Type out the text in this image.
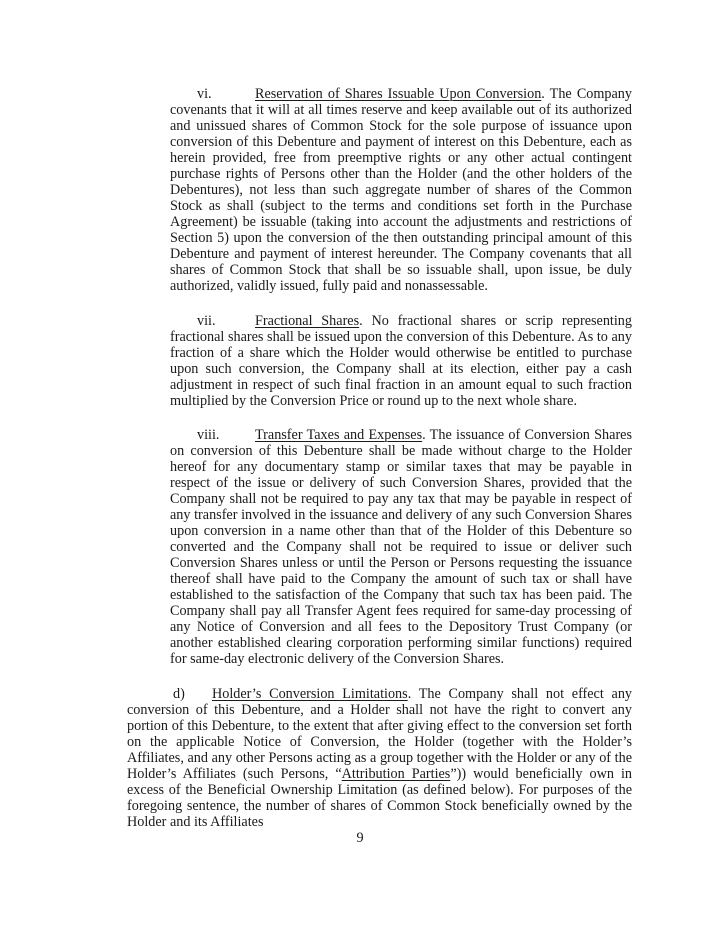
vi.	Reservation of Shares Issuable Upon Conversion. The Company covenants that it will at all times reserve and keep available out of its authorized and unissued shares of Common Stock for the sole purpose of issuance upon conversion of this Debenture and payment of interest on this Debenture, each as herein provided, free from preemptive rights or any other actual contingent purchase rights of Persons other than the Holder (and the other holders of the Debentures), not less than such aggregate number of shares of the Common Stock as shall (subject to the terms and conditions set forth in the Purchase Agreement) be issuable (taking into account the adjustments and restrictions of Section 5) upon the conversion of the then outstanding principal amount of this Debenture and payment of interest hereunder. The Company covenants that all shares of Common Stock that shall be so issuable shall, upon issue, be duly authorized, validly issued, fully paid and nonassessable.

vii.	Fractional Shares. No fractional shares or scrip representing fractional shares shall be issued upon the conversion of this Debenture. As to any fraction of a share which the Holder would otherwise be entitled to purchase upon such conversion, the Company shall at its election, either pay a cash adjustment in respect of such final fraction in an amount equal to such fraction multiplied by the Conversion Price or round up to the next whole share.

viii.	Transfer Taxes and Expenses. The issuance of Conversion Shares on conversion of this Debenture shall be made without charge to the Holder hereof for any documentary stamp or similar taxes that may be payable in respect of the issue or delivery of such Conversion Shares, provided that the Company shall not be required to pay any tax that may be payable in respect of any transfer involved in the issuance and delivery of any such Conversion Shares upon conversion in a name other than that of the Holder of this Debenture so converted and the Company shall not be required to issue or deliver such Conversion Shares unless or until the Person or Persons requesting the issuance thereof shall have paid to the Company the amount of such tax or shall have established to the satisfaction of the Company that such tax has been paid. The Company shall pay all Transfer Agent fees required for same-day processing of any Notice of Conversion and all fees to the Depository Trust Company (or another established clearing corporation performing similar functions) required for same-day electronic delivery of the Conversion Shares.

d) Holder’s Conversion Limitations. The Company shall not effect any conversion of this Debenture, and a Holder shall not have the right to convert any portion of this Debenture, to the extent that after giving effect to the conversion set forth on the applicable Notice of Conversion, the Holder (together with the Holder’s Affiliates, and any other Persons acting as a group together with the Holder or any of the Holder’s Affiliates (such Persons, “Attribution Parties”)) would beneficially own in excess of the Beneficial Ownership Limitation (as defined below). For purposes of the foregoing sentence, the number of shares of Common Stock beneficially owned by the Holder and its Affiliates

9
